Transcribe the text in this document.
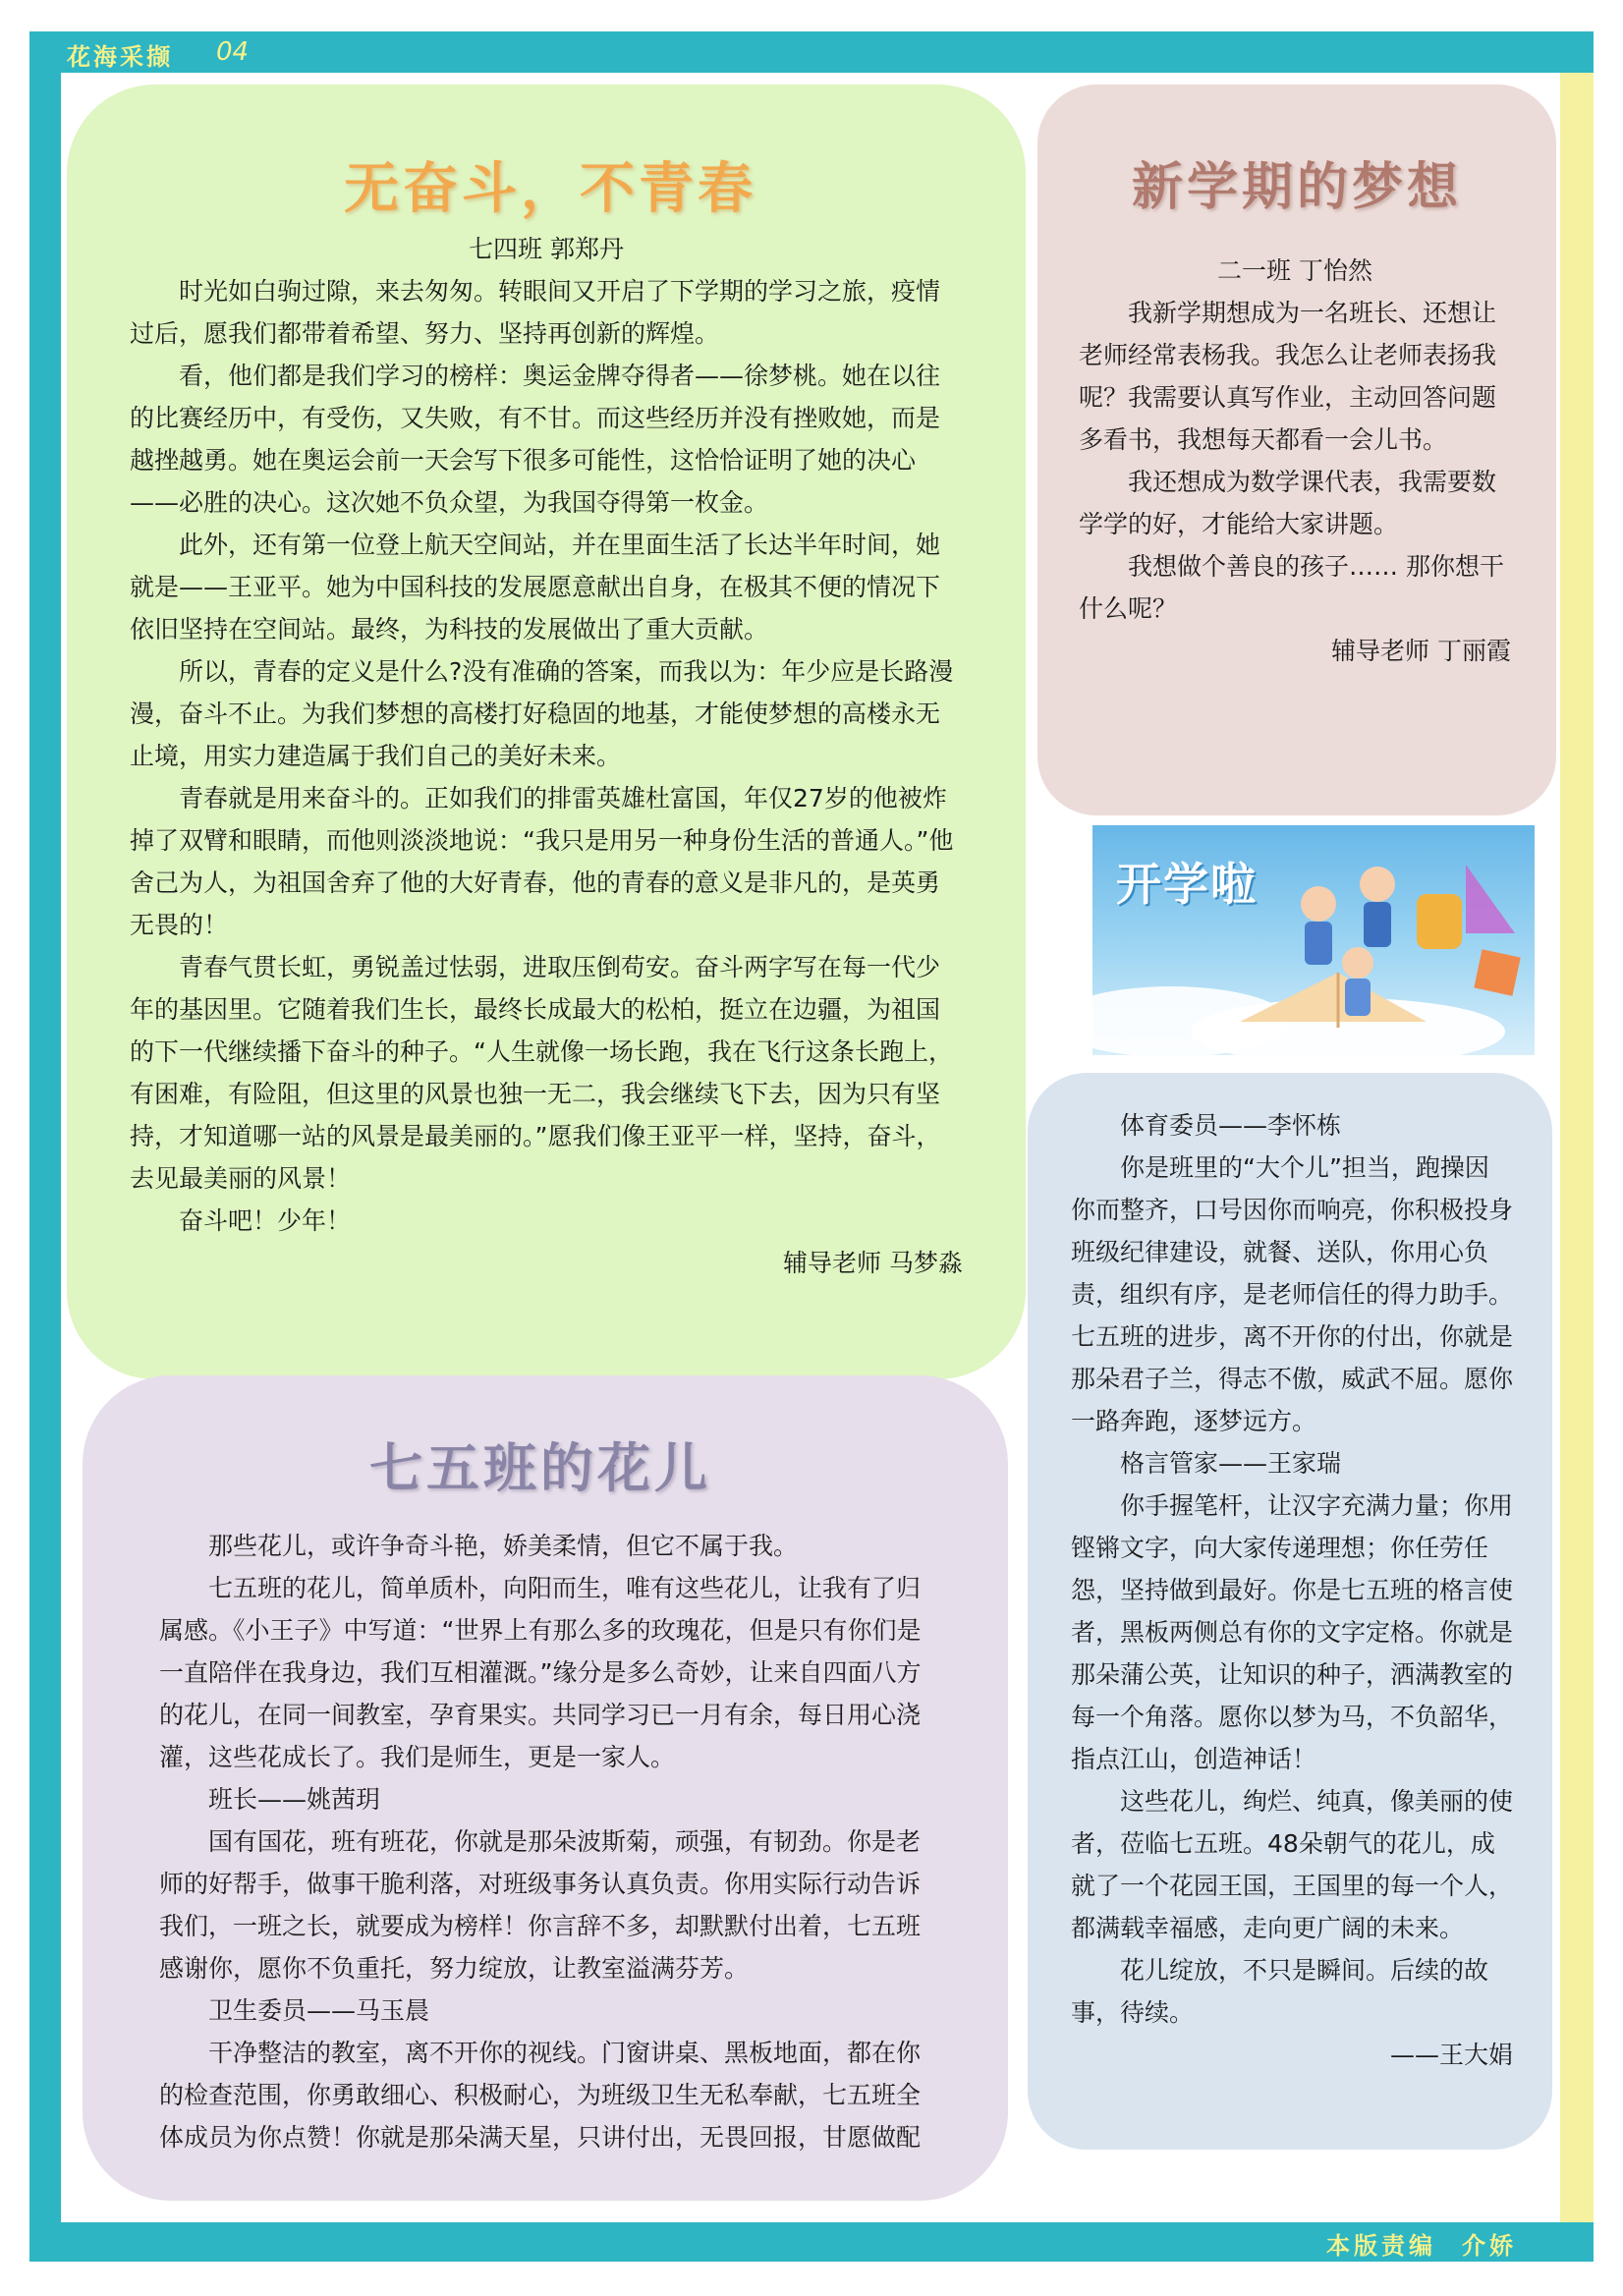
花海采撷 04
本版责编 介娇
无奋斗，不青春

七四班 郭郑丹

时光如白驹过隙，来去匆匆。转眼间又开启了下学期的学习之旅，疫情过后，愿我们都带着希望、努力、坚持再创新的辉煌。

看，他们都是我们学习的榜样：奥运金牌夺得者——徐梦桃。她在以往的比赛经历中，有受伤，又失败，有不甘。而这些经历并没有挫败她，而是越挫越勇。她在奥运会前一天会写下很多可能性，这恰恰证明了她的决心——必胜的决心。这次她不负众望，为我国夺得第一枚金。

此外，还有第一位登上航天空间站，并在里面生活了长达半年时间，她就是——王亚平。她为中国科技的发展愿意献出自身，在极其不便的情况下依旧坚持在空间站。最终，为科技的发展做出了重大贡献。

所以，青春的定义是什么?没有准确的答案，而我以为：年少应是长路漫漫，奋斗不止。为我们梦想的高楼打好稳固的地基，才能使梦想的高楼永无止境，用实力建造属于我们自己的美好未来。

青春就是用来奋斗的。正如我们的排雷英雄杜富国，年仅27岁的他被炸掉了双臂和眼睛，而他则淡淡地说：“我只是用另一种身份生活的普通人。”他舍己为人，为祖国舍弃了他的大好青春，他的青春的意义是非凡的，是英勇无畏的！

青春气贯长虹，勇锐盖过怯弱，进取压倒苟安。奋斗两字写在每一代少年的基因里。它随着我们生长，最终长成最大的松柏，挺立在边疆，为祖国的下一代继续播下奋斗的种子。“人生就像一场长跑，我在飞行这条长跑上，有困难，有险阻，但这里的风景也独一无二，我会继续飞下去，因为只有坚持，才知道哪一站的风景是最美丽的。”愿我们像王亚平一样，坚持，奋斗，去见最美丽的风景！

奋斗吧！少年！

辅导老师 马梦淼

新学期的梦想

二一班 丁怡然

我新学期想成为一名班长、还想让老师经常表杨我。我怎么让老师表扬我呢？我需要认真写作业，主动回答问题多看书，我想每天都看一会儿书。

我还想成为数学课代表，我需要数学学的好，才能给大家讲题。

我想做个善良的孩子…… 那你想干什么呢？

辅导老师 丁丽霞

开学啦
七五班的花儿

那些花儿，或许争奇斗艳，娇美柔情，但它不属于我。

七五班的花儿，简单质朴，向阳而生，唯有这些花儿，让我有了归属感。《小王子》中写道：“世界上有那么多的玫瑰花，但是只有你们是一直陪伴在我身边，我们互相灌溉。”缘分是多么奇妙，让来自四面八方的花儿，在同一间教室，孕育果实。共同学习已一月有余，每日用心浇灌，这些花成长了。我们是师生，更是一家人。

班长——姚茜玥

国有国花，班有班花，你就是那朵波斯菊，顽强，有韧劲。你是老师的好帮手，做事干脆利落，对班级事务认真负责。你用实际行动告诉我们，一班之长，就要成为榜样！你言辞不多，却默默付出着，七五班感谢你，愿你不负重托，努力绽放，让教室溢满芬芳。

卫生委员——马玉晨

干净整洁的教室，离不开你的视线。门窗讲桌、黑板地面，都在你的检查范围，你勇敢细心、积极耐心，为班级卫生无私奉献，七五班全体成员为你点赞！你就是那朵满天星，只讲付出，无畏回报，甘愿做配

体育委员——李怀栋

你是班里的“大个儿”担当，跑操因你而整齐，口号因你而响亮，你积极投身班级纪律建设，就餐、送队，你用心负责，组织有序，是老师信任的得力助手。七五班的进步，离不开你的付出，你就是那朵君子兰，得志不傲，威武不屈。愿你一路奔跑，逐梦远方。

格言管家——王家瑞

你手握笔杆，让汉字充满力量；你用铿锵文字，向大家传递理想；你任劳任怨，坚持做到最好。你是七五班的格言使者，黑板两侧总有你的文字定格。你就是那朵蒲公英，让知识的种子，洒满教室的每一个角落。愿你以梦为马，不负韶华，指点江山，创造神话！

这些花儿，绚烂、纯真，像美丽的使者，莅临七五班。48朵朝气的花儿，成就了一个花园王国，王国里的每一个人，都满载幸福感，走向更广阔的未来。

花儿绽放，不只是瞬间。后续的故事，待续。

——王大娟
